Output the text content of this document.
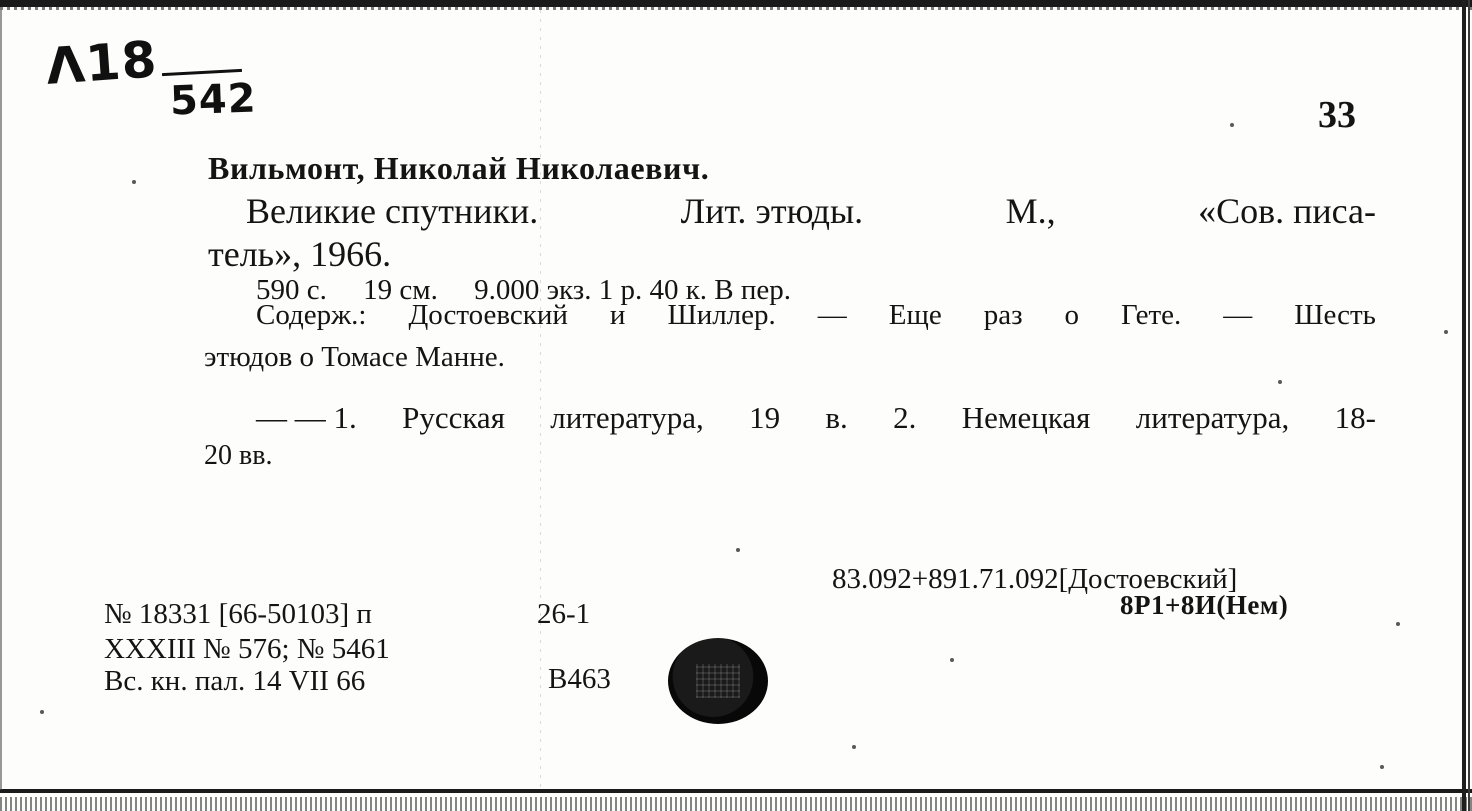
Λ18
542	33
Вильмонт, Николай Николаевич.
Великие спутники.	Лит. этюды.	М.,	«Сов. писа-
тель», 1966.
590 с.     19 см.     9.000 экз. 1 р. 40 к. В пер.
Содерж.: Достоевский и Шиллер. — Еще раз о Гете. — Шесть
этюдов о Томасе Манне.
— — 1. Русская литература, 19 в. 2. Немецкая литература, 18-
20 вв.
83.092+891.71.092[Достоевский]
8Р1+8И(Нем)
№ 18331 [66-50103] п
XXXIII № 576; № 5461
Вс. кн. пал. 14 VII 66
26-1
В463
